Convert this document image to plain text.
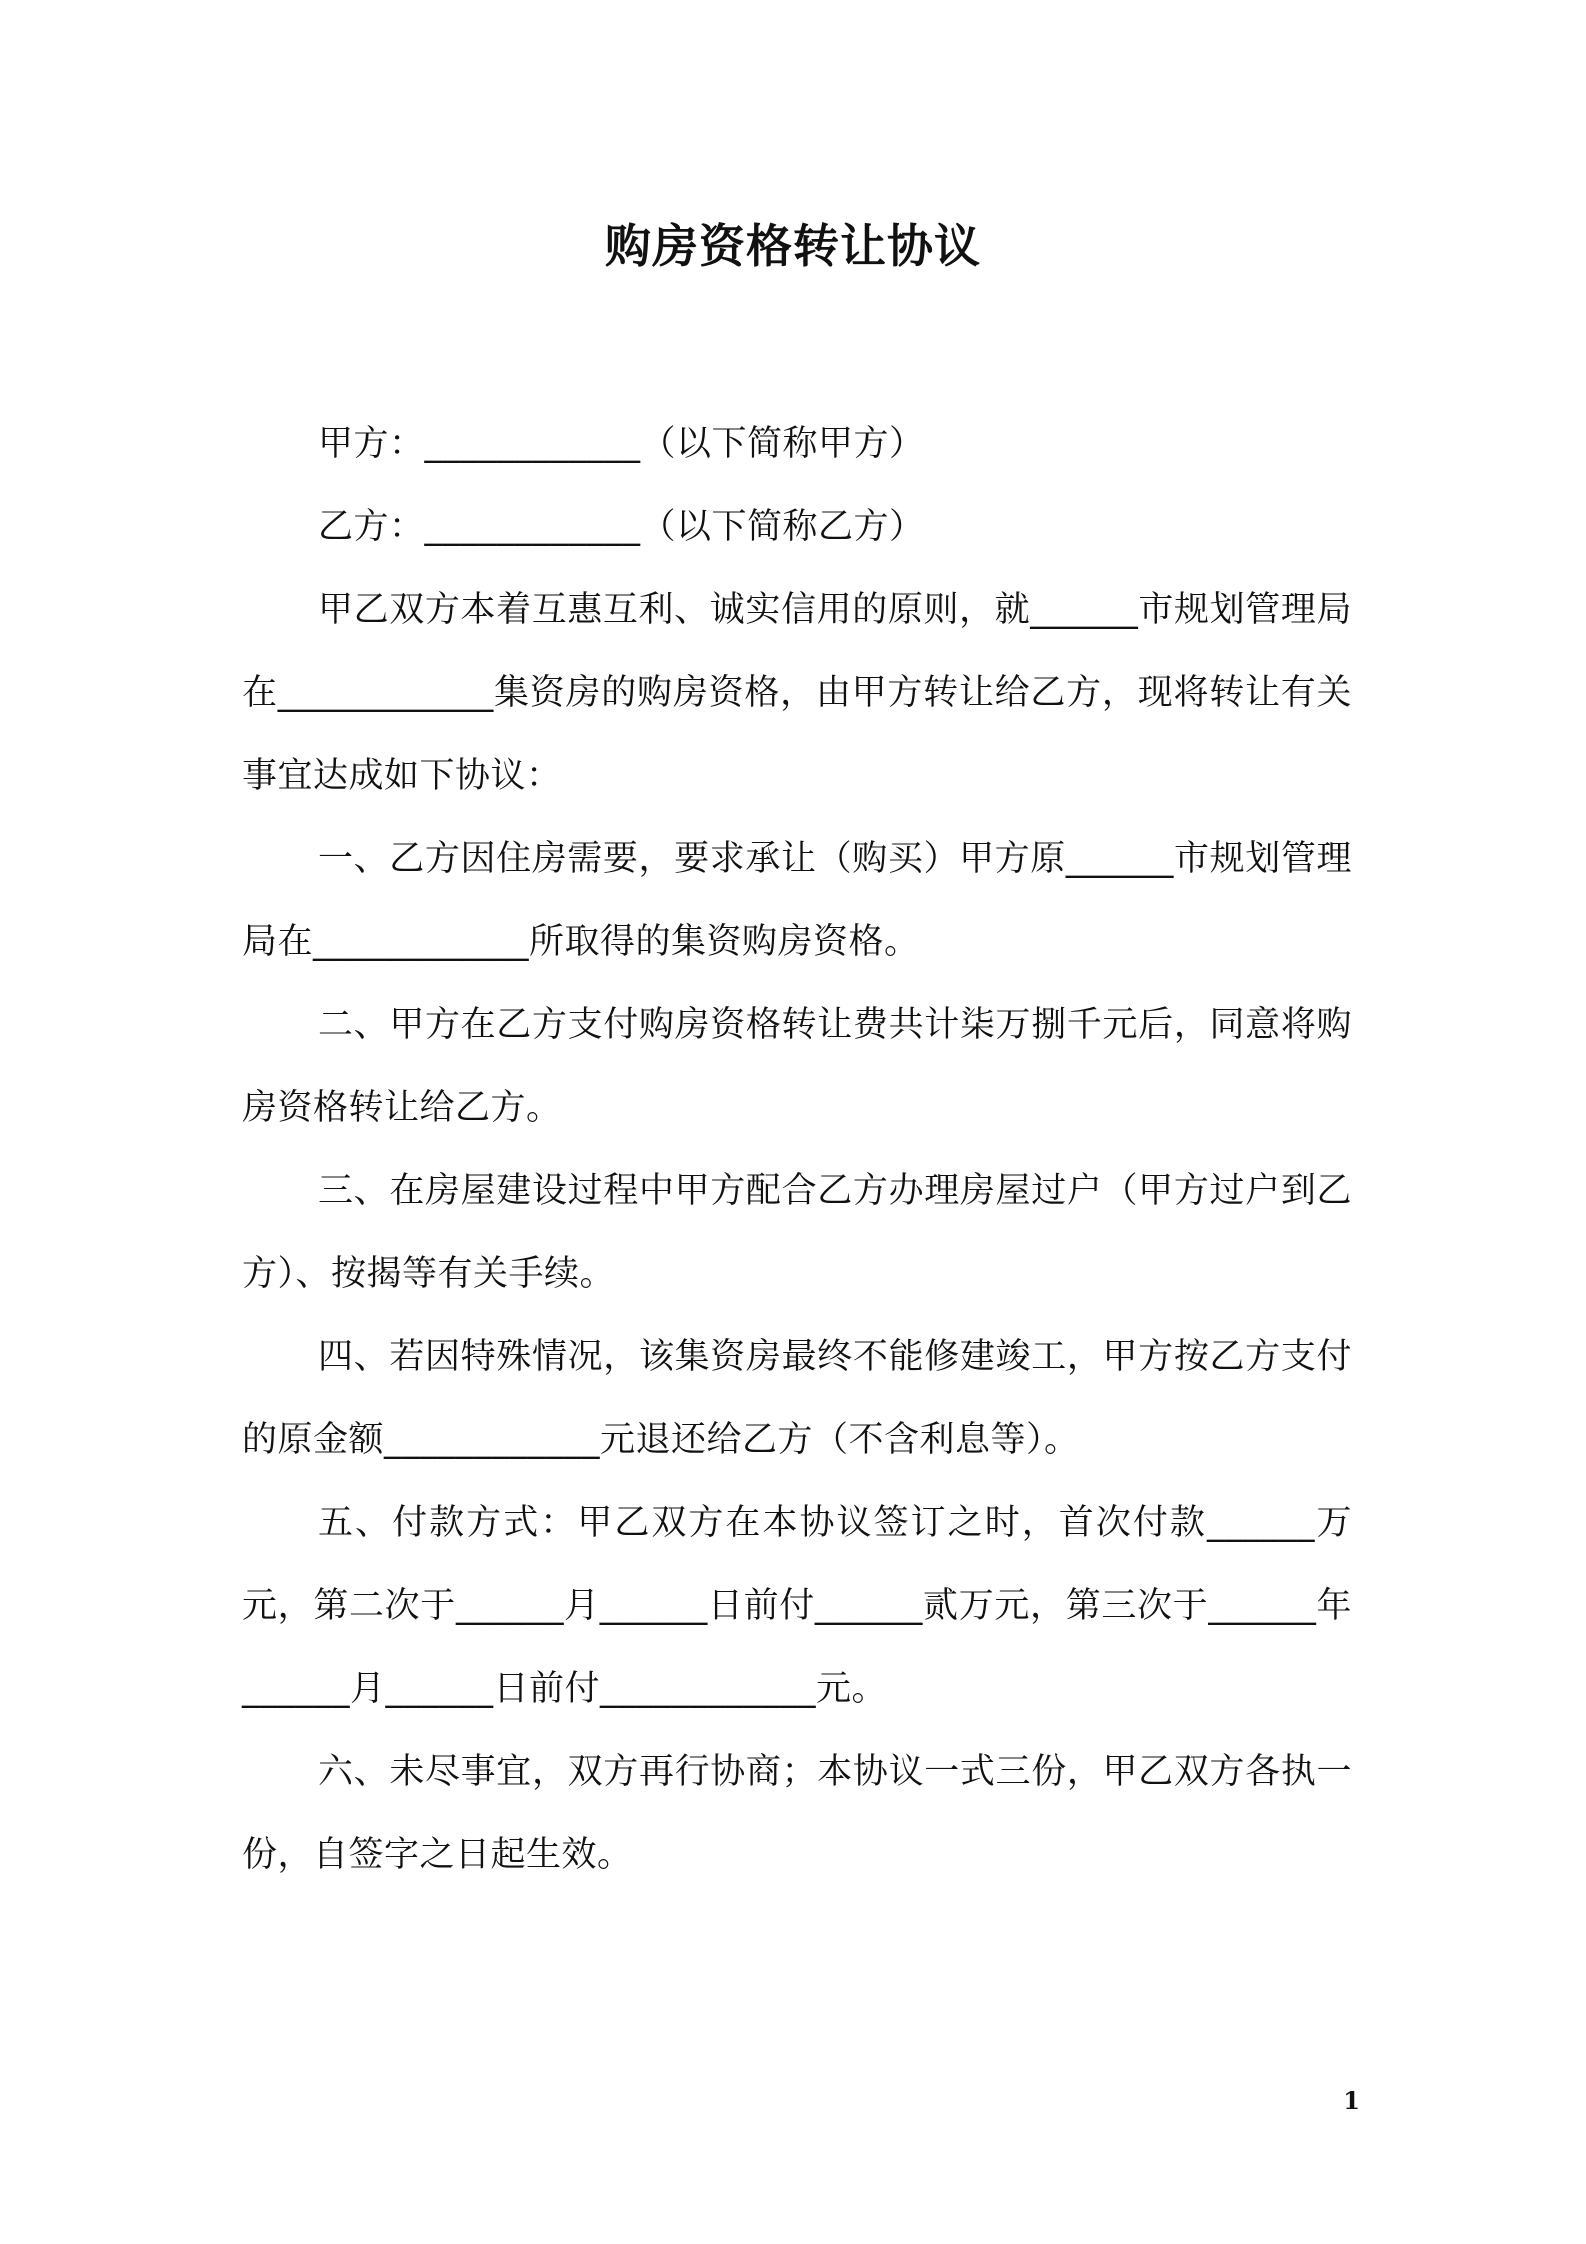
购房资格转让协议

甲方：____________（以下简称甲方）

乙方：____________（以下简称乙方）

甲乙双方本着互惠互利、诚实信用的原则，就______市规划管理局在____________集资房的购房资格，由甲方转让给乙方，现将转让有关事宜达成如下协议：

一、乙方因住房需要，要求承让（购买）甲方原______市规划管理局在____________所取得的集资购房资格。

二、甲方在乙方支付购房资格转让费共计柒万捌千元后，同意将购房资格转让给乙方。

三、在房屋建设过程中甲方配合乙方办理房屋过户（甲方过户到乙方）、按揭等有关手续。

四、若因特殊情况，该集资房最终不能修建竣工，甲方按乙方支付的原金额____________元退还给乙方（不含利息等）。

五、付款方式：甲乙双方在本协议签订之时，首次付款______万元，第二次于______月______日前付______贰万元，第三次于______年______月______日前付____________元。

六、未尽事宜，双方再行协商；本协议一式三份，甲乙双方各执一份，自签字之日起生效。

1
